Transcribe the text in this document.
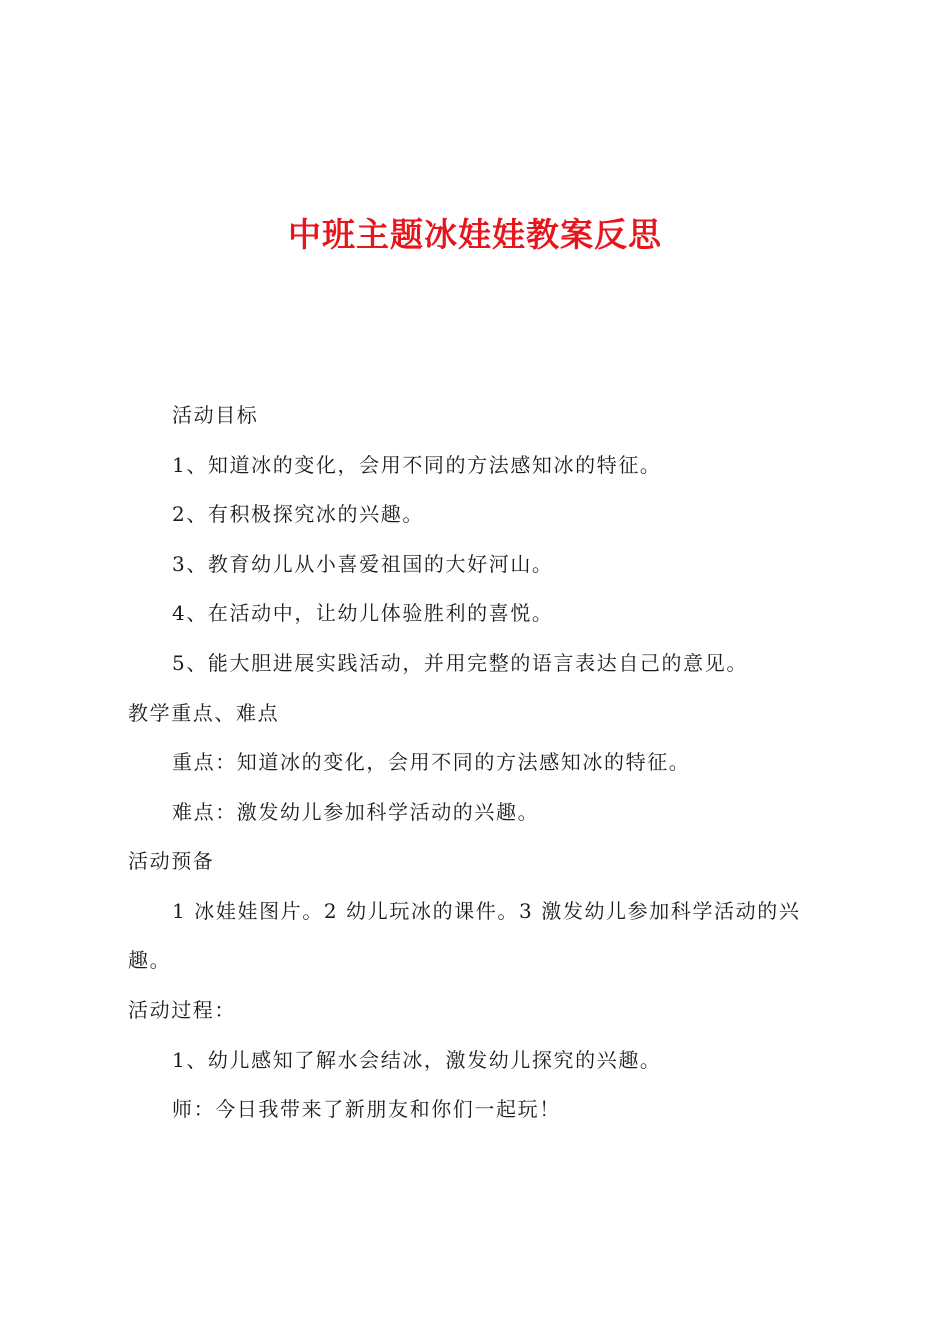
中班主题冰娃娃教案反思
活动目标
1、知道冰的变化，会用不同的方法感知冰的特征。
2、有积极探究冰的兴趣。
3、教育幼儿从小喜爱祖国的大好河山。
4、在活动中，让幼儿体验胜利的喜悦。
5、能大胆进展实践活动，并用完整的语言表达自己的意见。
教学重点、难点
重点：知道冰的变化，会用不同的方法感知冰的特征。
难点：激发幼儿参加科学活动的兴趣。
活动预备
1 冰娃娃图片。2 幼儿玩冰的课件。3 激发幼儿参加科学活动的兴
趣。
活动过程：
1、幼儿感知了解水会结冰，激发幼儿探究的兴趣。
师：今日我带来了新朋友和你们一起玩！
